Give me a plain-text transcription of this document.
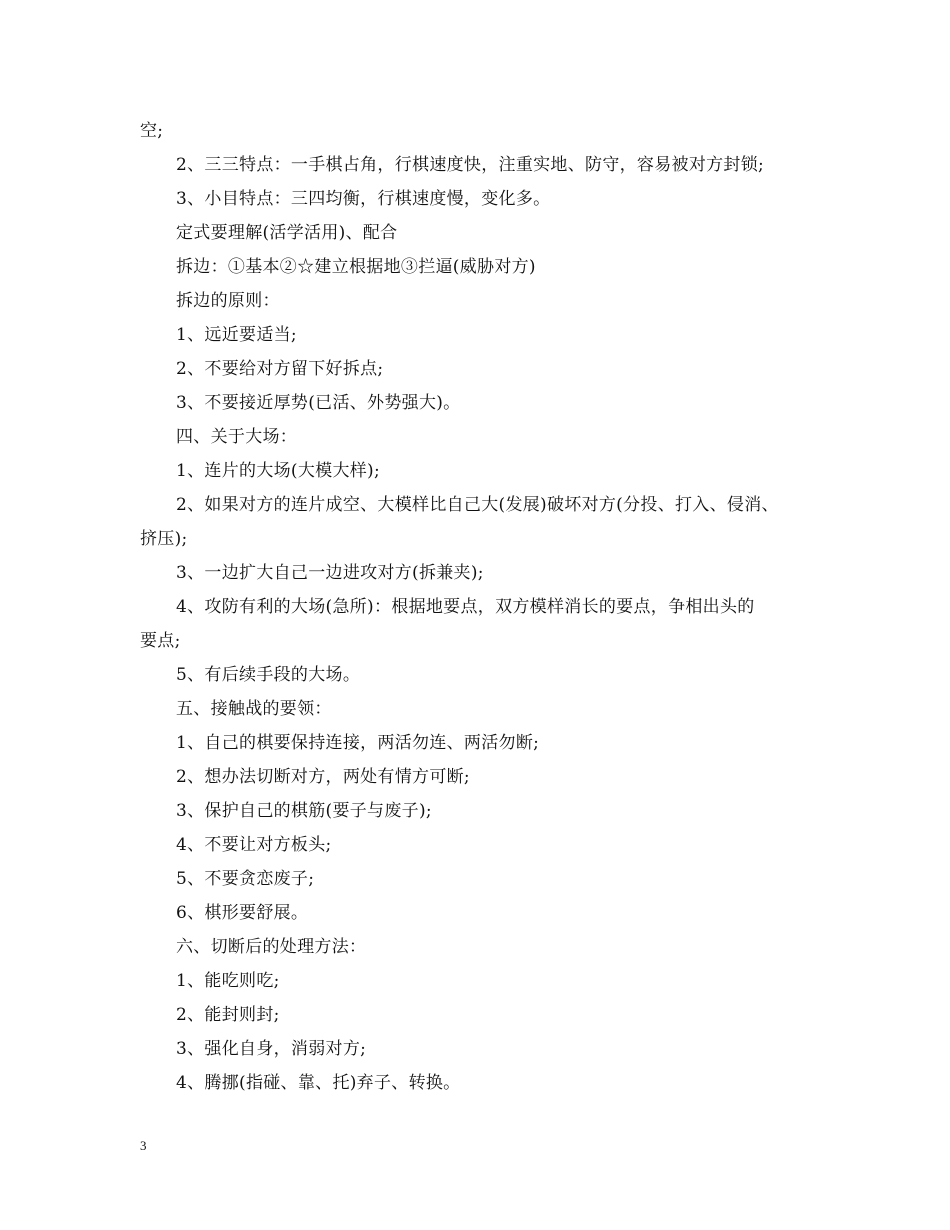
空;
2、三三特点：一手棋占角，行棋速度快，注重实地、防守，容易被对方封锁;
3、小目特点：三四均衡，行棋速度慢，变化多。
定式要理解(活学活用)、配合
拆边：①基本②☆建立根据地③拦逼(威胁对方)
拆边的原则：
1、远近要适当;
2、不要给对方留下好拆点;
3、不要接近厚势(已活、外势强大)。
四、关于大场：
1、连片的大场(大模大样);
2、如果对方的连片成空、大模样比自己大(发展)破坏对方(分投、打入、侵消、
挤压);
3、一边扩大自己一边进攻对方(拆兼夹);
4、攻防有利的大场(急所)：根据地要点，双方模样消长的要点，争相出头的
要点;
5、有后续手段的大场。
五、接触战的要领：
1、自己的棋要保持连接，两活勿连、两活勿断;
2、想办法切断对方，两处有情方可断;
3、保护自己的棋筋(要子与废子);
4、不要让对方板头;
5、不要贪恋废子;
6、棋形要舒展。
六、切断后的处理方法：
1、能吃则吃;
2、能封则封;
3、强化自身，消弱对方;
4、腾挪(指碰、靠、托)弃子、转换。
3
